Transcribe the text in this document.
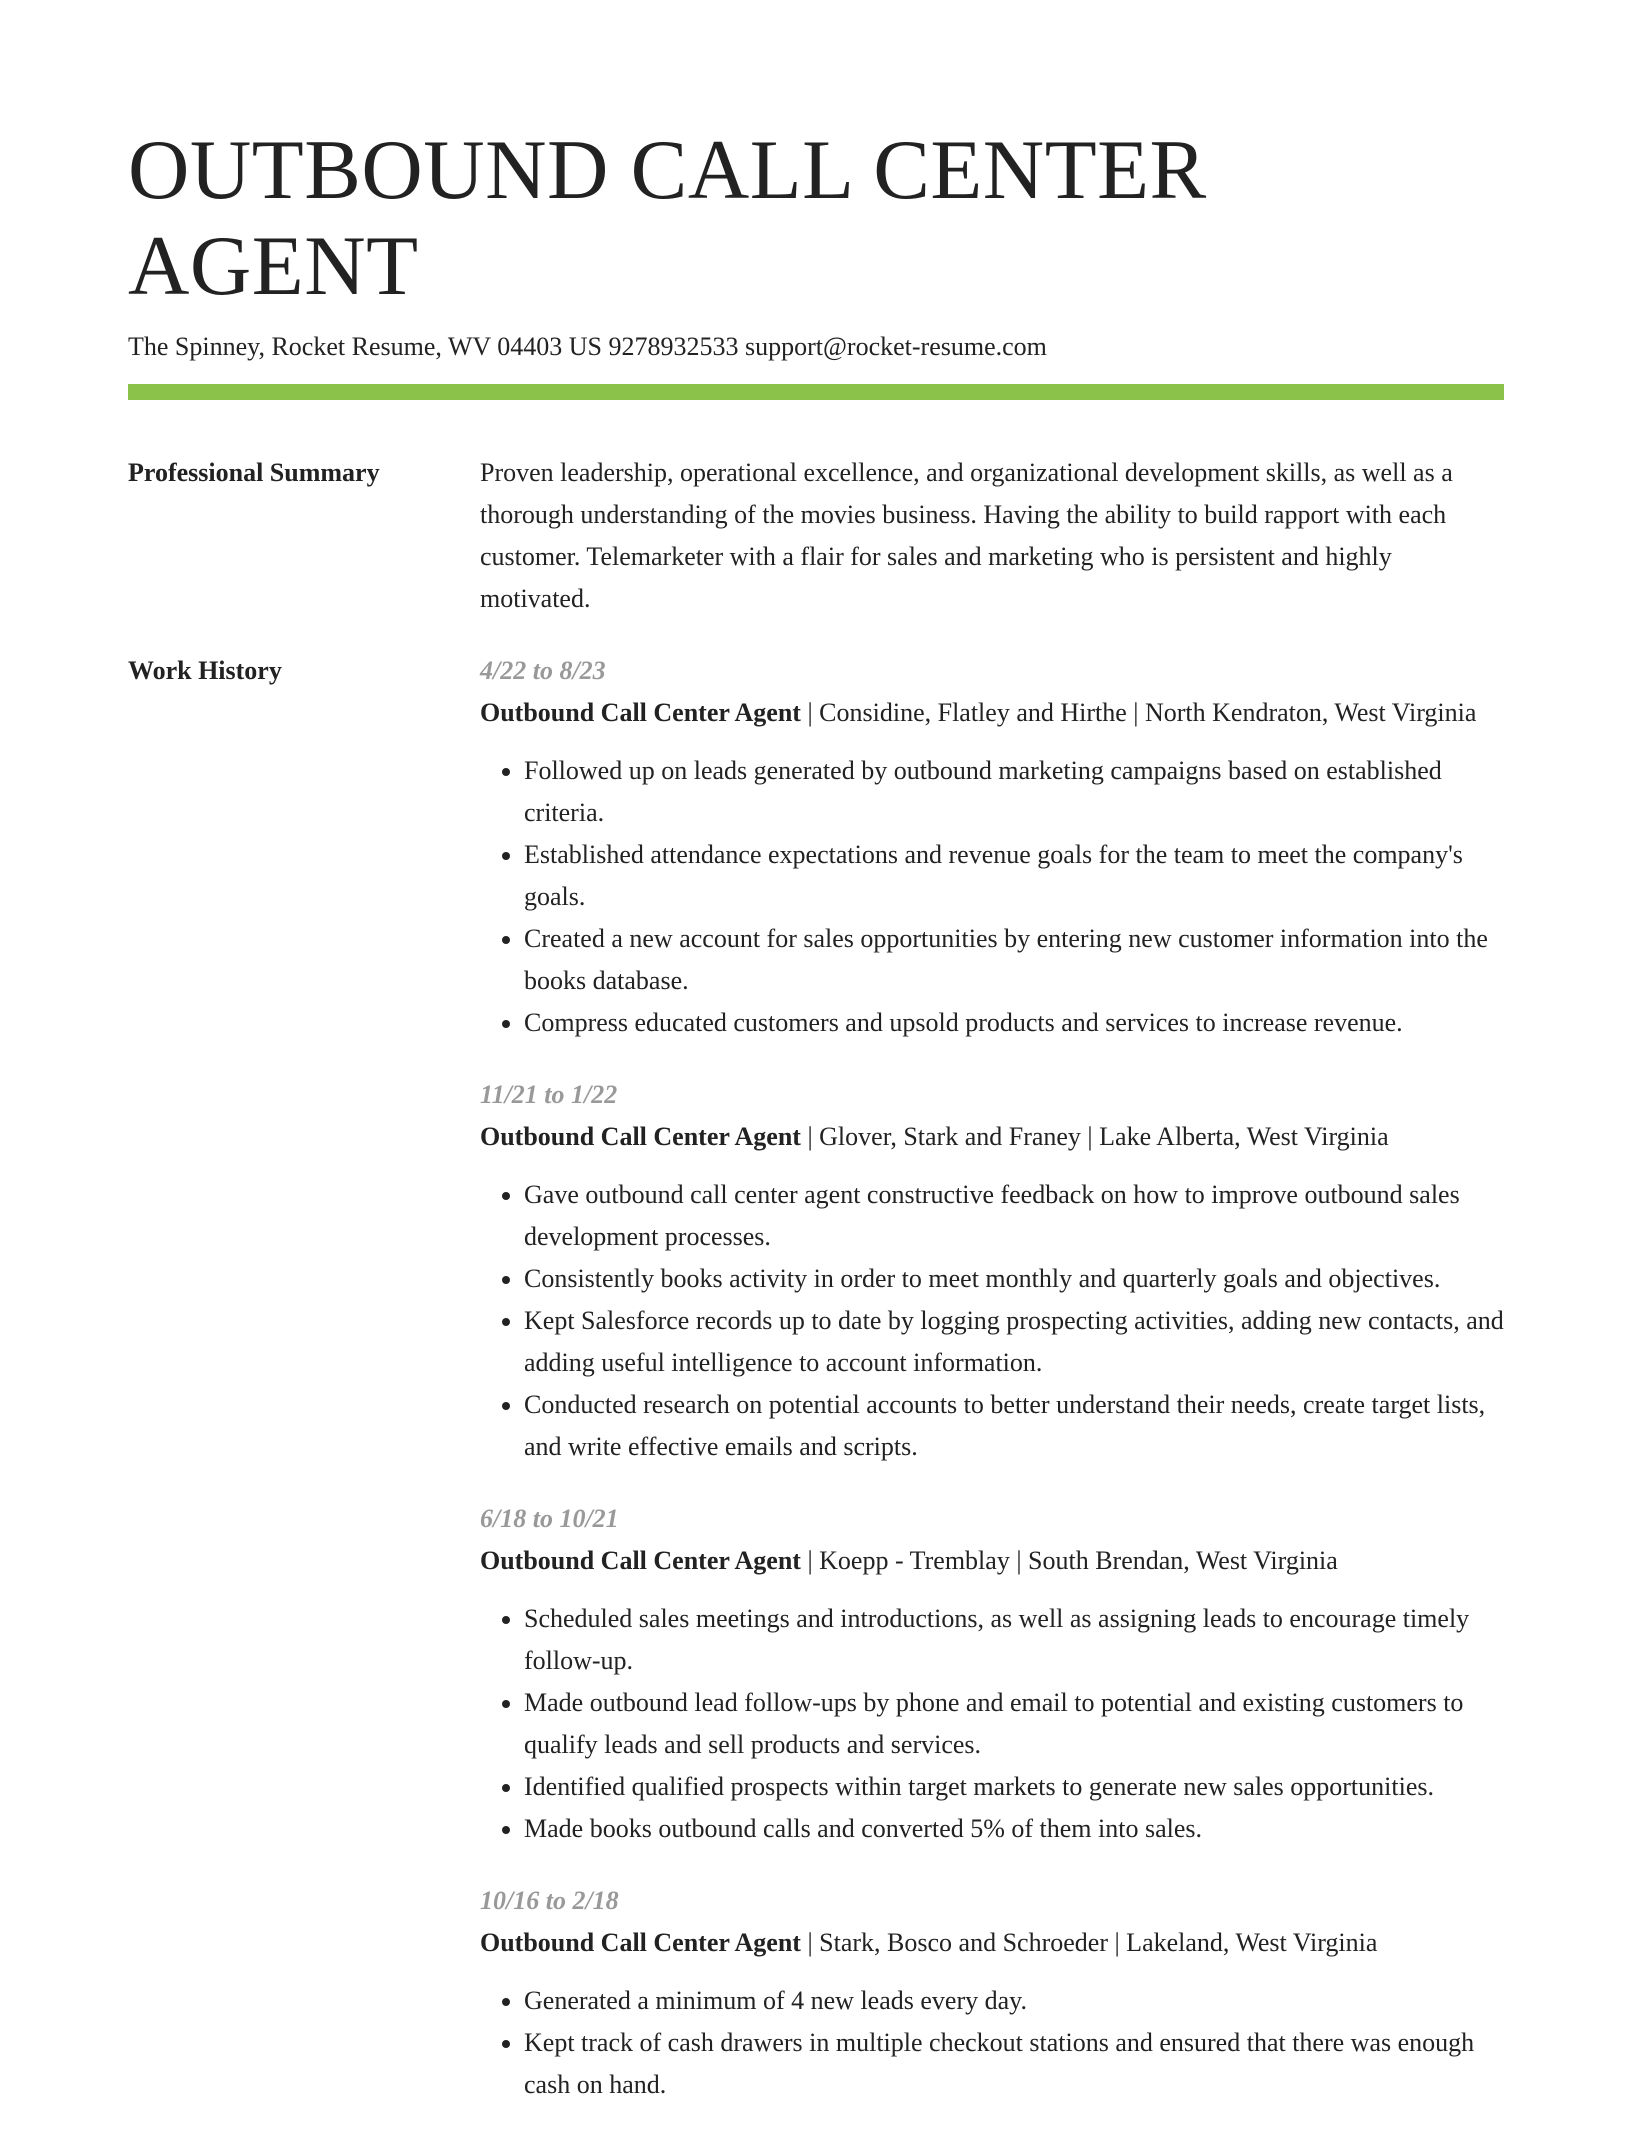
OUTBOUND CALL CENTER AGENT
The Spinney, Rocket Resume, WV 04403 US 9278932533 support@rocket-resume.com
Professional Summary	Proven leadership, operational excellence, and organizational development skills, as well as a thorough understanding of the movies business. Having the ability to build rapport with each customer. Telemarketer with a flair for sales and marketing who is persistent and highly motivated.

Work History	4/22 to 8/23
Outbound Call Center Agent | Considine, Flatley and Hirthe | North Kendraton, West Virginia
• Followed up on leads generated by outbound marketing campaigns based on established criteria.
• Established attendance expectations and revenue goals for the team to meet the company's goals.
• Created a new account for sales opportunities by entering new customer information into the books database.
• Compress educated customers and upsold products and services to increase revenue.
11/21 to 1/22
Outbound Call Center Agent | Glover, Stark and Franey | Lake Alberta, West Virginia
• Gave outbound call center agent constructive feedback on how to improve outbound sales development processes.
• Consistently books activity in order to meet monthly and quarterly goals and objectives.
• Kept Salesforce records up to date by logging prospecting activities, adding new contacts, and adding useful intelligence to account information.
• Conducted research on potential accounts to better understand their needs, create target lists, and write effective emails and scripts.
6/18 to 10/21
Outbound Call Center Agent | Koepp - Tremblay | South Brendan, West Virginia
• Scheduled sales meetings and introductions, as well as assigning leads to encourage timely follow-up.
• Made outbound lead follow-ups by phone and email to potential and existing customers to qualify leads and sell products and services.
• Identified qualified prospects within target markets to generate new sales opportunities.
• Made books outbound calls and converted 5% of them into sales.
10/16 to 2/18
Outbound Call Center Agent | Stark, Bosco and Schroeder | Lakeland, West Virginia
• Generated a minimum of 4 new leads every day.
• Kept track of cash drawers in multiple checkout stations and ensured that there was enough cash on hand.
